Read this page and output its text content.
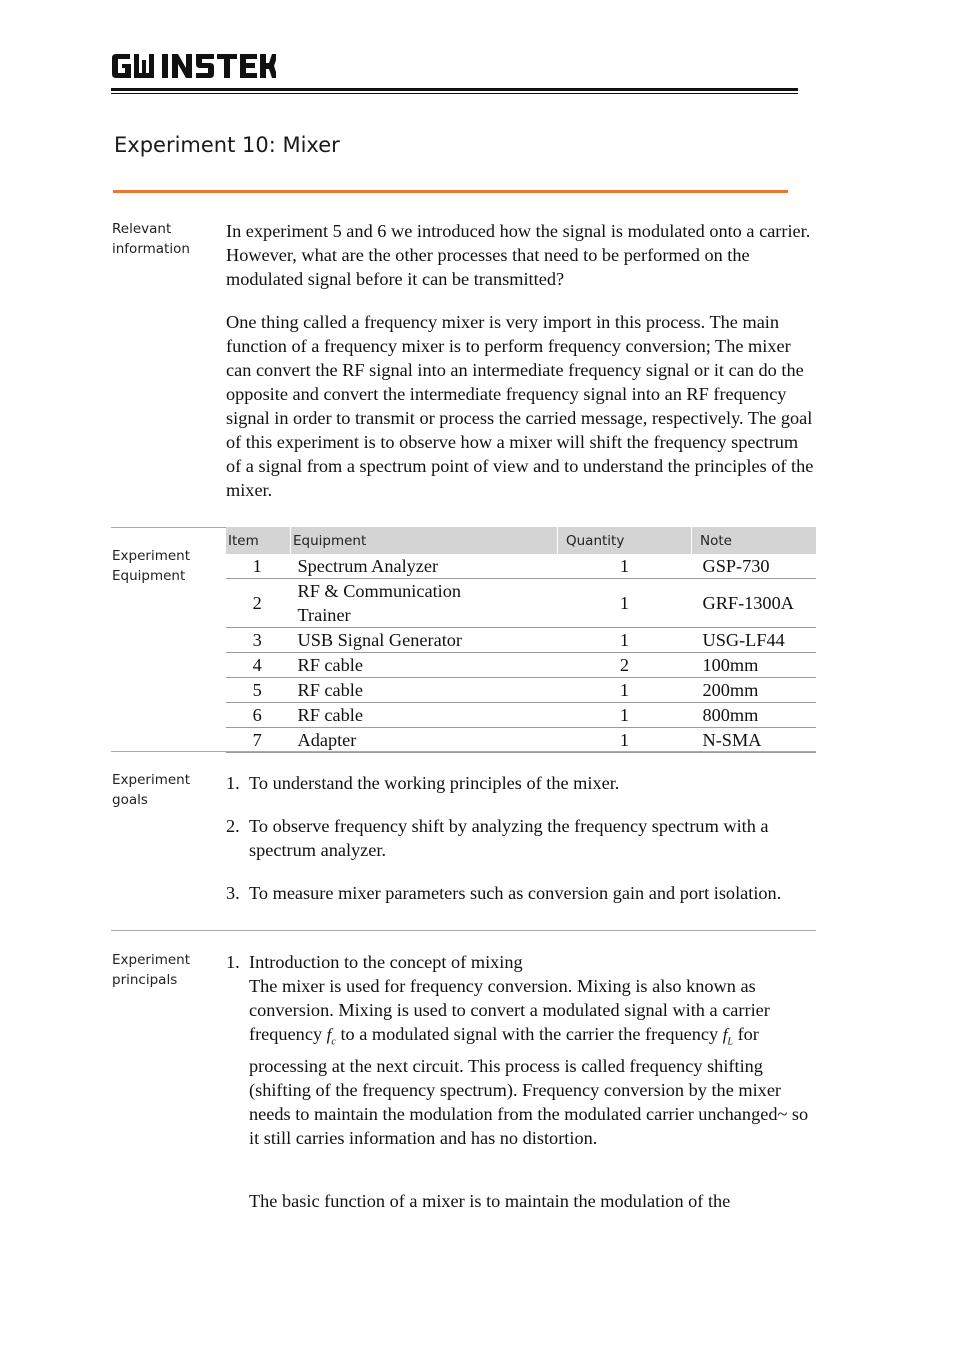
Experiment 10: Mixer
Relevant information

In experiment 5 and 6 we introduced how the signal is modulated onto a carrier. However, what are the other processes that need to be performed on the modulated signal before it can be transmitted?

One thing called a frequency mixer is very import in this process. The main function of a frequency mixer is to perform frequency conversion; The mixer can convert the RF signal into an intermediate frequency signal or it can do the opposite and convert the intermediate frequency signal into an RF frequency signal in order to transmit or process the carried message, respectively. The goal of this experiment is to observe how a mixer will shift the frequency spectrum of a signal from a spectrum point of view and to understand the principles of the mixer.

Experiment Equipment
Item	Equipment	Quantity	Note
1	Spectrum Analyzer	1	GSP-730
2	RF & Communication Trainer	1	GRF-1300A
3	USB Signal Generator	1	USG-LF44
4	RF cable	2	100mm
5	RF cable	1	200mm
6	RF cable	1	800mm
7	Adapter	1	N-SMA
Experiment goals
1. To understand the working principles of the mixer.
2. To observe frequency shift by analyzing the frequency spectrum with a spectrum analyzer.
3. To measure mixer parameters such as conversion gain and port isolation.
Experiment principals
1. Introduction to the concept of mixing
The mixer is used for frequency conversion. Mixing is also known as conversion. Mixing is used to convert a modulated signal with a carrier frequency $f_c$ to a modulated signal with the carrier the frequency $f_L$ for processing at the next circuit. This process is called frequency shifting (shifting of the frequency spectrum). Frequency conversion by the mixer needs to maintain the modulation from the modulated carrier unchanged~ so it still carries information and has no distortion.
The basic function of a mixer is to maintain the modulation of the
